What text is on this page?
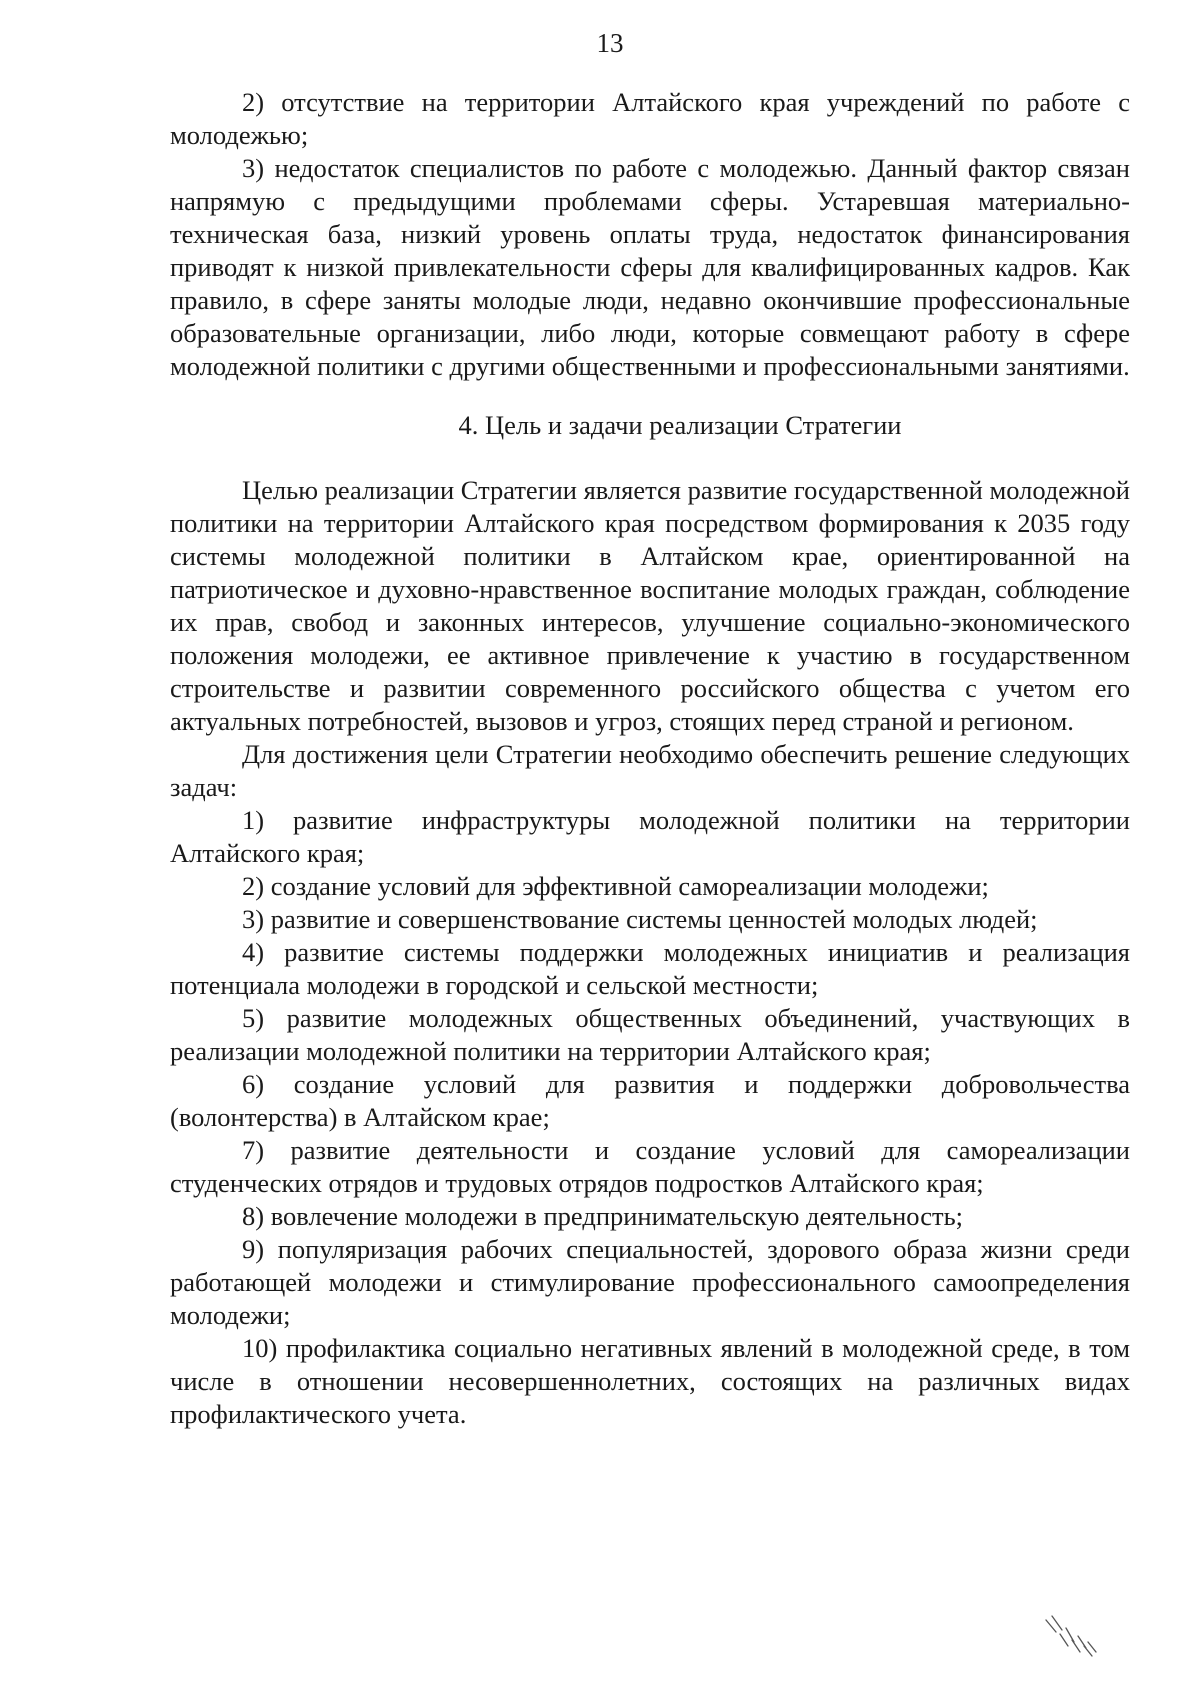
13

2) отсутствие на территории Алтайского края учреждений по работе с молодежью;

3) недостаток специалистов по работе с молодежью. Данный фактор связан напрямую с предыдущими проблемами сферы. Устаревшая материально-техническая база, низкий уровень оплаты труда, недостаток финансирования приводят к низкой привлекательности сферы для квалифицированных кадров. Как правило, в сфере заняты молодые люди, недавно окончившие профессиональные образовательные организации, либо люди, которые совмещают работу в сфере молодежной политики с другими общественными и профессиональными занятиями.

4. Цель и задачи реализации Стратегии

Целью реализации Стратегии является развитие государственной молодежной политики на территории Алтайского края посредством формирования к 2035 году системы молодежной политики в Алтайском крае, ориентированной на патриотическое и духовно-нравственное воспитание молодых граждан, соблюдение их прав, свобод и законных интересов, улучшение социально-экономического положения молодежи, ее активное привлечение к участию в государственном строительстве и развитии современного российского общества с учетом его актуальных потребностей, вызовов и угроз, стоящих перед страной и регионом.

Для достижения цели Стратегии необходимо обеспечить решение следующих задач:

1) развитие инфраструктуры молодежной политики на территории Алтайского края;

2) создание условий для эффективной самореализации молодежи;

3) развитие и совершенствование системы ценностей молодых людей;

4) развитие системы поддержки молодежных инициатив и реализация потенциала молодежи в городской и сельской местности;

5) развитие молодежных общественных объединений, участвующих в реализации молодежной политики на территории Алтайского края;

6) создание условий для развития и поддержки добровольчества (волонтерства) в Алтайском крае;

7) развитие деятельности и создание условий для самореализации студенческих отрядов и трудовых отрядов подростков Алтайского края;

8) вовлечение молодежи в предпринимательскую деятельность;

9) популяризация рабочих специальностей, здорового образа жизни среди работающей молодежи и стимулирование профессионального самоопределения молодежи;

10) профилактика социально негативных явлений в молодежной среде, в том числе в отношении несовершеннолетних, состоящих на различных видах профилактического учета.
